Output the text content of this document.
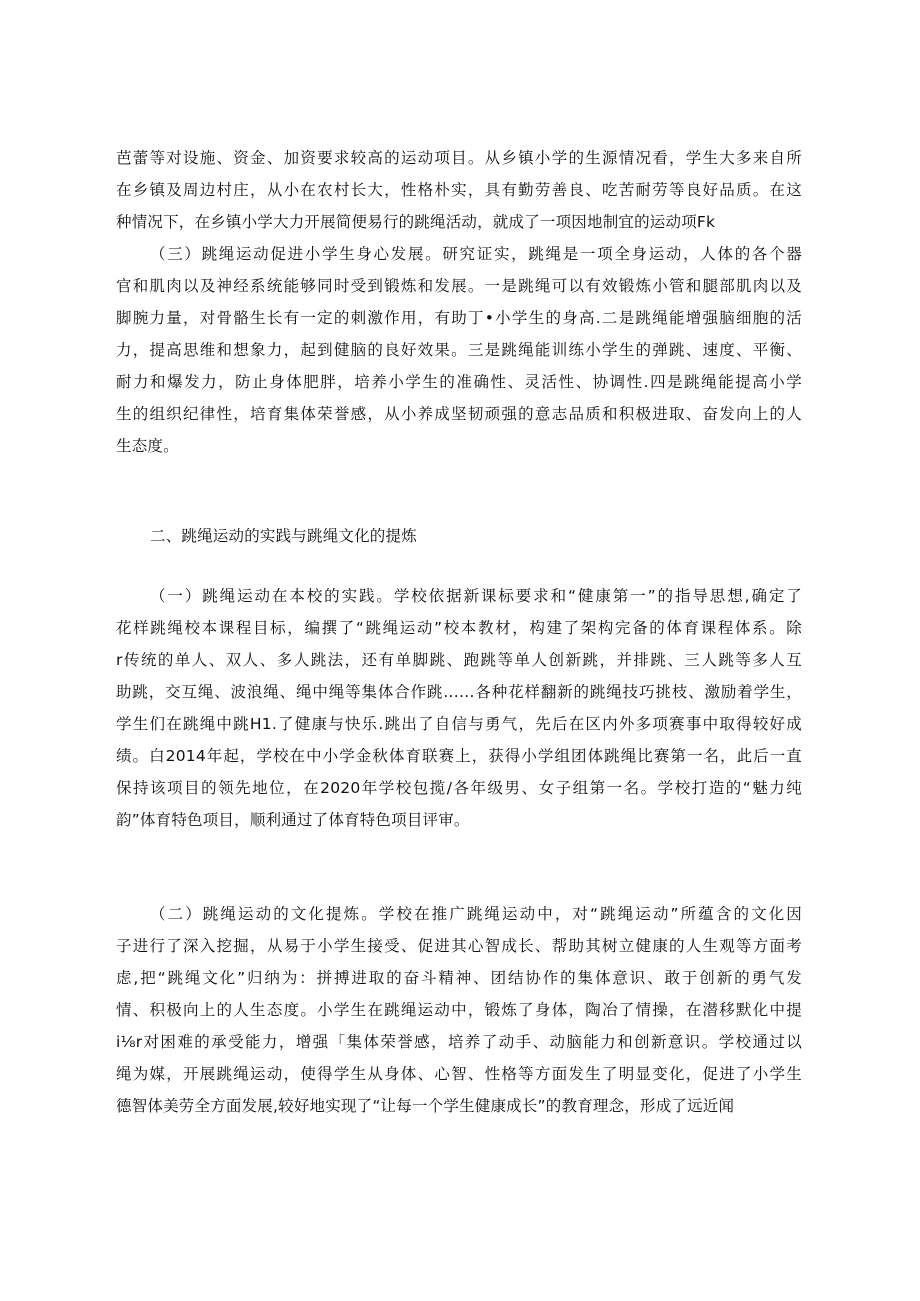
芭蕾等对设施、资金、加资要求较高的运动项目。从乡镇小学的生源情况看，学生大多来自所
在乡镇及周边村庄，从小在农村长大，性格朴实，具有勤劳善良、吃苦耐劳等良好品质。在这
种情况下，在乡镇小学大力开展简便易行的跳绳活动，就成了一项因地制宜的运动项Fk
（三）跳绳运动促进小学生身心发展。研究证实，跳绳是一项全身运动，人体的各个器
官和肌肉以及神经系统能够同时受到锻炼和发展。一是跳绳可以有效锻炼小管和腿部肌肉以及
脚腕力量，对骨骼生长有一定的刺激作用，有助丁•小学生的身高.二是跳绳能增强脑细胞的活
力，提高思维和想象力，起到健脑的良好效果。三是跳绳能训练小学生的弹跳、速度、平衡、
耐力和爆发力，防止身体肥胖，培养小学生的准确性、灵活性、协调性.四是跳绳能提高小学
生的组织纪律性，培育集体荣誉感，从小养成坚韧顽强的意志品质和积极进取、奋发向上的人
生态度。
二、跳绳运动的实践与跳绳文化的提炼
（一）跳绳运动在本校的实践。学校依据新课标要求和“健康第一”的指导思想,确定了
花样跳绳校本课程目标，编撰了“跳绳运动”校本教材，构建了架构完备的体育课程体系。除
r传统的单人、双人、多人跳法，还有单脚跳、跑跳等单人创新跳，并排跳、三人跳等多人互
助跳，交互绳、波浪绳、绳中绳等集体合作跳……各种花样翻新的跳绳技巧挑枝、激励着学生，
学生们在跳绳中跳H1.了健康与快乐.跳出了自信与勇气，先后在区内外多项赛事中取得较好成
绩。白2014年起，学校在中小学金秋体育联赛上，获得小学组团体跳绳比赛第一名，此后一直
保持该项目的领先地位，在2020年学校包揽/各年级男、女子组第一名。学校打造的“魅力纯
韵”体育特色项目，顺利通过了体育特色项目评审。
（二）跳绳运动的文化提炼。学校在推广跳绳运动中，对“跳绳运动”所蕴含的文化因
子进行了深入挖掘，从易于小学生接受、促进其心智成长、帮助其树立健康的人生观等方面考
虑,把“跳绳文化”归纳为：拼搏进取的奋斗精神、团结协作的集体意识、敢于创新的勇气发
情、积极向上的人生态度。小学生在跳绳运动中，锻炼了身体，陶冶了情操，在潜移默化中提
i⅛r对困难的承受能力，增强「集体荣誉感，培养了动手、动脑能力和创新意识。学校通过以
绳为媒，开展跳绳运动，使得学生从身体、心智、性格等方面发生了明显变化，促进了小学生
德智体美劳全方面发展,较好地实现了“让每一个学生健康成长”的教育理念，形成了远近闻
